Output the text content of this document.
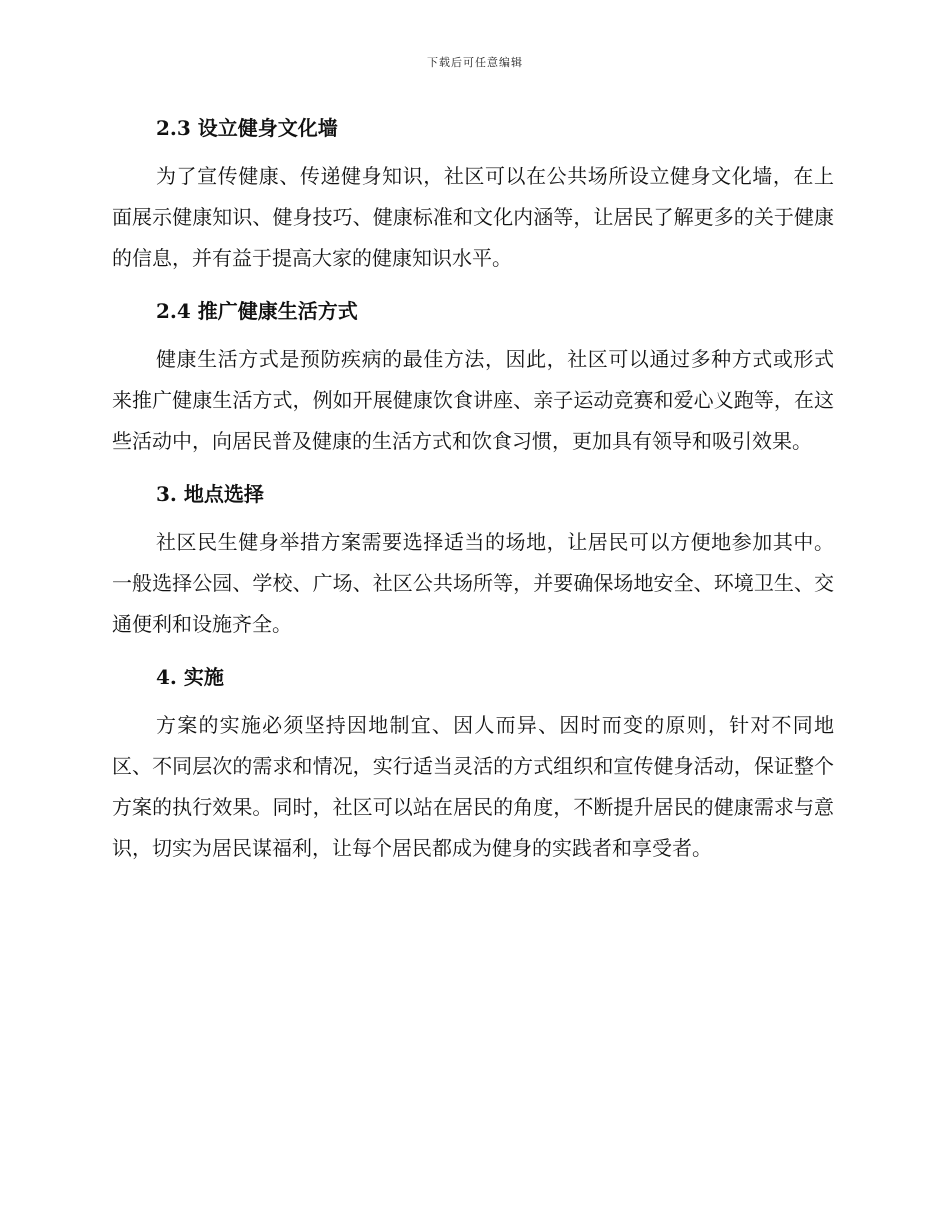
下载后可任意编辑
2.3 设立健身文化墙

为了宣传健康、传递健身知识，社区可以在公共场所设立健身文化墙，在上面展示健康知识、健身技巧、健康标准和文化内涵等，让居民了解更多的关于健康的信息，并有益于提高大家的健康知识水平。

2.4 推广健康生活方式

健康生活方式是预防疾病的最佳方法，因此，社区可以通过多种方式或形式来推广健康生活方式，例如开展健康饮食讲座、亲子运动竞赛和爱心义跑等，在这些活动中，向居民普及健康的生活方式和饮食习惯，更加具有领导和吸引效果。

3. 地点选择

社区民生健身举措方案需要选择适当的场地，让居民可以方便地参加其中。一般选择公园、学校、广场、社区公共场所等，并要确保场地安全、环境卫生、交通便利和设施齐全。

4. 实施

方案的实施必须坚持因地制宜、因人而异、因时而变的原则，针对不同地区、不同层次的需求和情况，实行适当灵活的方式组织和宣传健身活动，保证整个方案的执行效果。同时，社区可以站在居民的角度，不断提升居民的健康需求与意识，切实为居民谋福利，让每个居民都成为健身的实践者和享受者。
